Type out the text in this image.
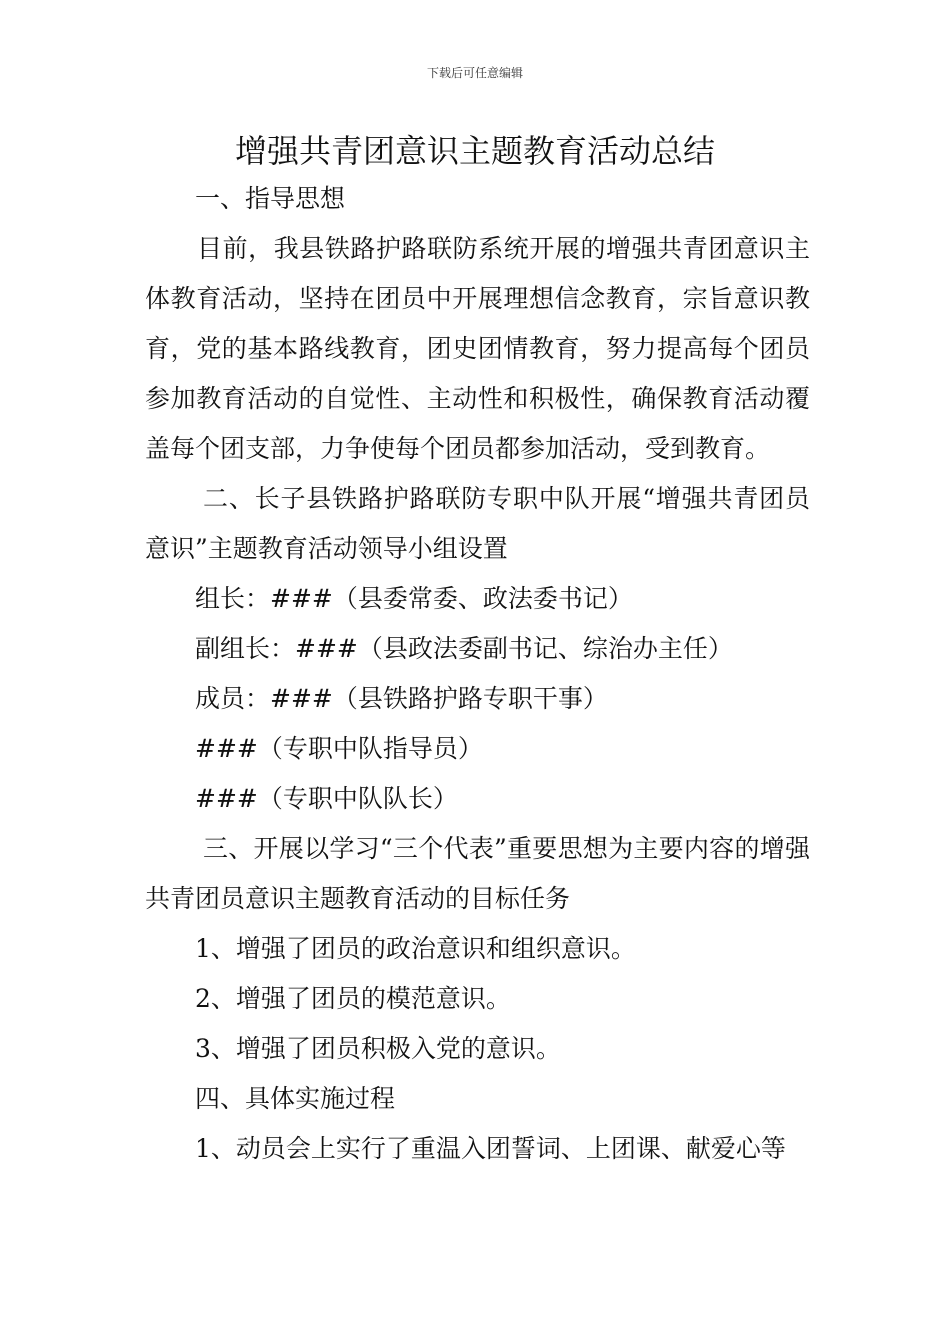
下载后可任意编辑
增强共青团意识主题教育活动总结

一、指导思想

目前，我县铁路护路联防系统开展的增强共青团意识主体教育活动，坚持在团员中开展理想信念教育，宗旨意识教育，党的基本路线教育，团史团情教育，努力提高每个团员参加教育活动的自觉性、主动性和积极性，确保教育活动覆盖每个团支部，力争使每个团员都参加活动，受到教育。

二、长子县铁路护路联防专职中队开展“增强共青团员意识”主题教育活动领导小组设置

组长：###（县委常委、政法委书记）

副组长：###（县政法委副书记、综治办主任）

成员：###（县铁路护路专职干事）

###（专职中队指导员）

###（专职中队队长）

三、开展以学习“三个代表”重要思想为主要内容的增强共青团员意识主题教育活动的目标任务

1、增强了团员的政治意识和组织意识。

2、增强了团员的模范意识。

3、增强了团员积极入党的意识。

四、具体实施过程

1、动员会上实行了重温入团誓词、上团课、献爱心等
